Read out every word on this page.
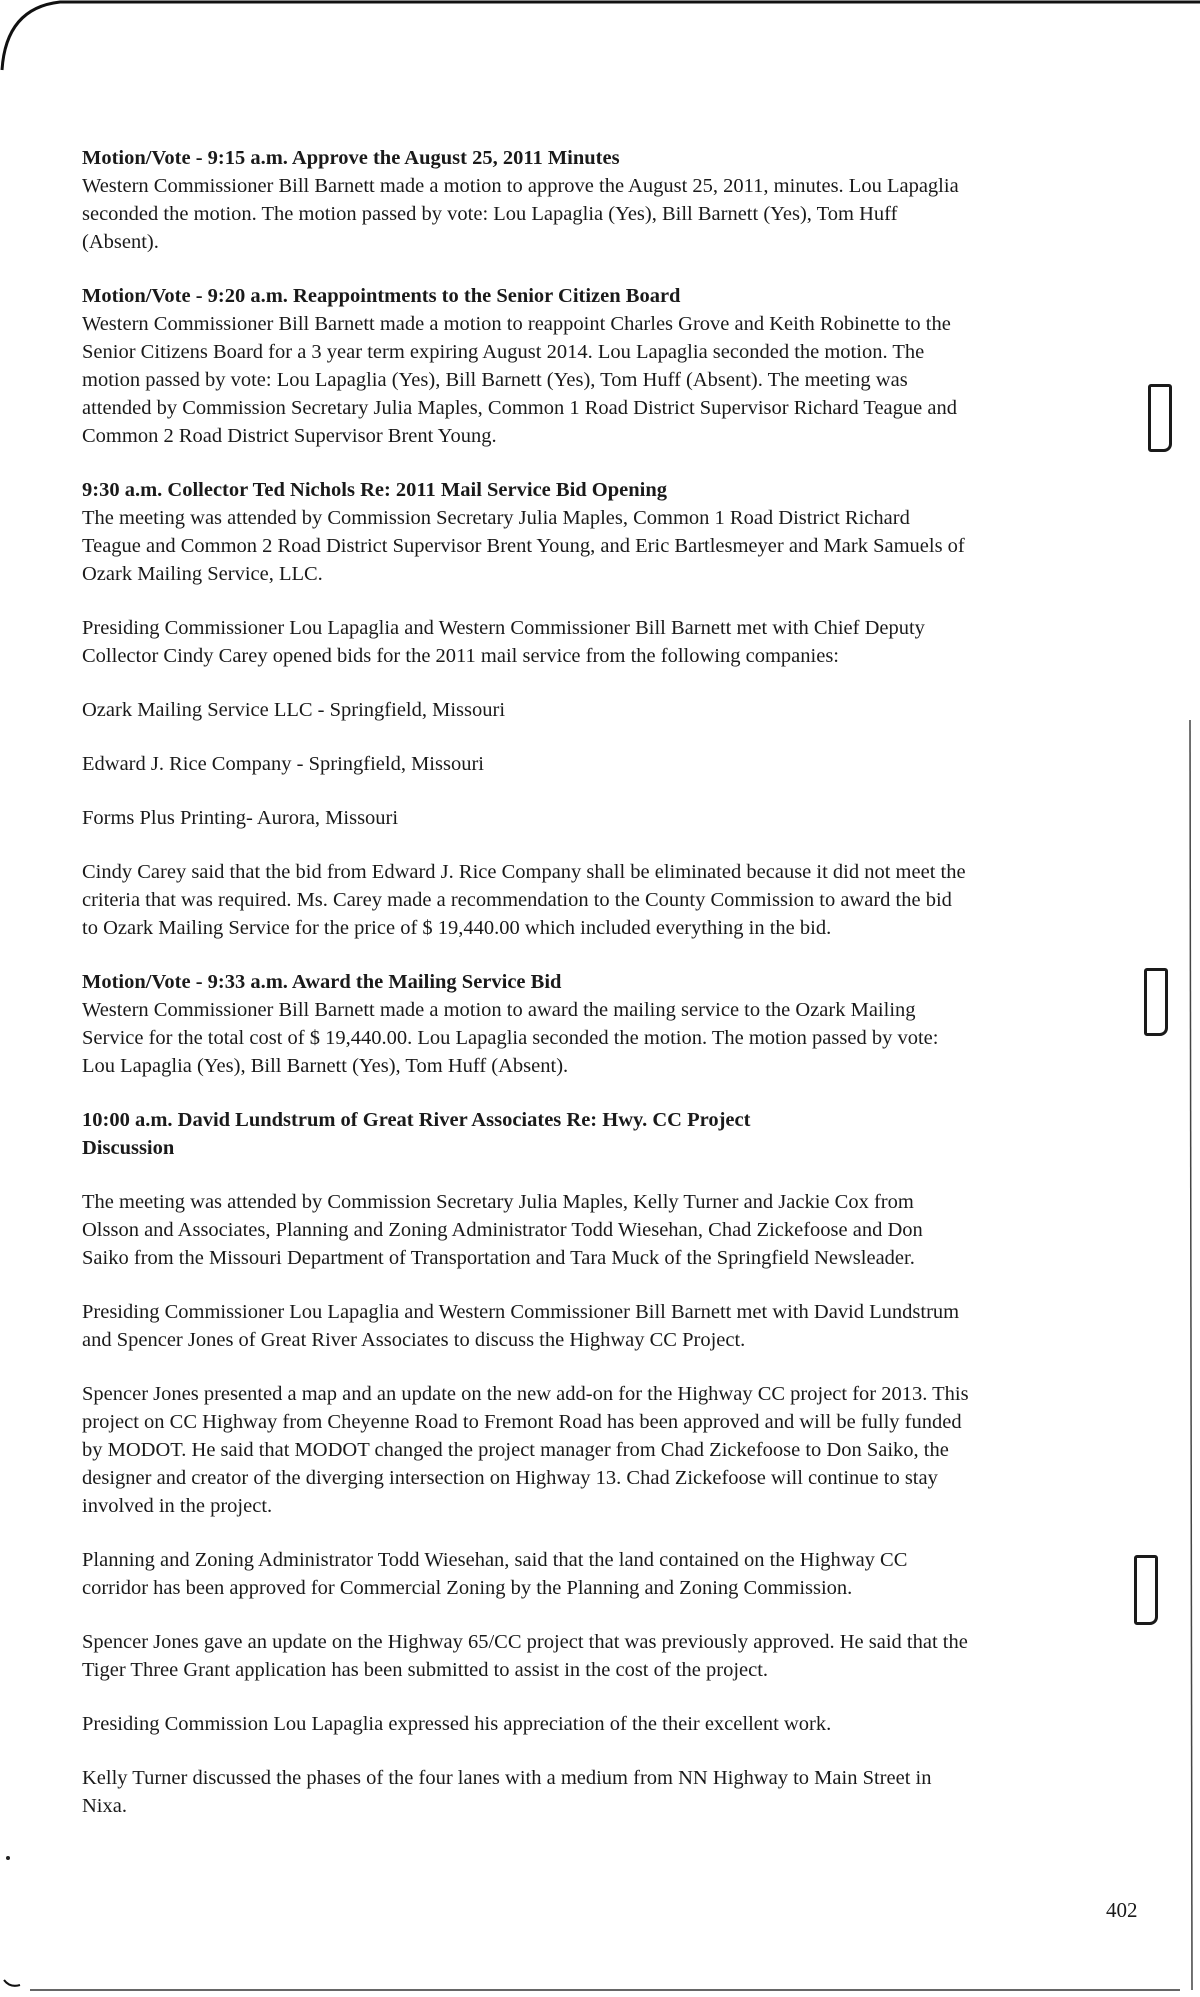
Motion/Vote - 9:15 a.m. Approve the August 25, 2011 Minutes

Western Commissioner Bill Barnett made a motion to approve the August 25, 2011, minutes. Lou Lapaglia
seconded the motion. The motion passed by vote: Lou Lapaglia (Yes), Bill Barnett (Yes), Tom Huff
(Absent).

Motion/Vote - 9:20 a.m. Reappointments to the Senior Citizen Board

Western Commissioner Bill Barnett made a motion to reappoint Charles Grove and Keith Robinette to the
Senior Citizens Board for a 3 year term expiring August 2014. Lou Lapaglia seconded the motion. The
motion passed by vote: Lou Lapaglia (Yes), Bill Barnett (Yes), Tom Huff (Absent). The meeting was
attended by Commission Secretary Julia Maples, Common 1 Road District Supervisor Richard Teague and
Common 2 Road District Supervisor Brent Young.

9:30 a.m. Collector Ted Nichols Re: 2011 Mail Service Bid Opening

The meeting was attended by Commission Secretary Julia Maples, Common 1 Road District Richard
Teague and Common 2 Road District Supervisor Brent Young, and Eric Bartlesmeyer and Mark Samuels of
Ozark Mailing Service, LLC.

Presiding Commissioner Lou Lapaglia and Western Commissioner Bill Barnett met with Chief Deputy
Collector Cindy Carey opened bids for the 2011 mail service from the following companies:

Ozark Mailing Service LLC - Springfield, Missouri
Edward J. Rice Company - Springfield, Missouri
Forms Plus Printing- Aurora, Missouri

Cindy Carey said that the bid from Edward J. Rice Company shall be eliminated because it did not meet the
criteria that was required. Ms. Carey made a recommendation to the County Commission to award the bid
to Ozark Mailing Service for the price of $ 19,440.00 which included everything in the bid.

Motion/Vote - 9:33 a.m. Award the Mailing Service Bid

Western Commissioner Bill Barnett made a motion to award the mailing service to the Ozark Mailing
Service for the total cost of $ 19,440.00. Lou Lapaglia seconded the motion. The motion passed by vote:
Lou Lapaglia (Yes), Bill Barnett (Yes), Tom Huff (Absent).

10:00 a.m. David Lundstrum of Great River Associates Re: Hwy. CC Project
Discussion

The meeting was attended by Commission Secretary Julia Maples, Kelly Turner and Jackie Cox from
Olsson and Associates, Planning and Zoning Administrator Todd Wiesehan, Chad Zickefoose and Don
Saiko from the Missouri Department of Transportation and Tara Muck of the Springfield Newsleader.

Presiding Commissioner Lou Lapaglia and Western Commissioner Bill Barnett met with David Lundstrum
and Spencer Jones of Great River Associates to discuss the Highway CC Project.

Spencer Jones presented a map and an update on the new add-on for the Highway CC project for 2013. This
project on CC Highway from Cheyenne Road to Fremont Road has been approved and will be fully funded
by MODOT. He said that MODOT changed the project manager from Chad Zickefoose to Don Saiko, the
designer and creator of the diverging intersection on Highway 13. Chad Zickefoose will continue to stay
involved in the project.

Planning and Zoning Administrator Todd Wiesehan, said that the land contained on the Highway CC
corridor has been approved for Commercial Zoning by the Planning and Zoning Commission.

Spencer Jones gave an update on the Highway 65/CC project that was previously approved. He said that the
Tiger Three Grant application has been submitted to assist in the cost of the project.

Presiding Commission Lou Lapaglia expressed his appreciation of the their excellent work.

Kelly Turner discussed the phases of the four lanes with a medium from NN Highway to Main Street in
Nixa.

402
